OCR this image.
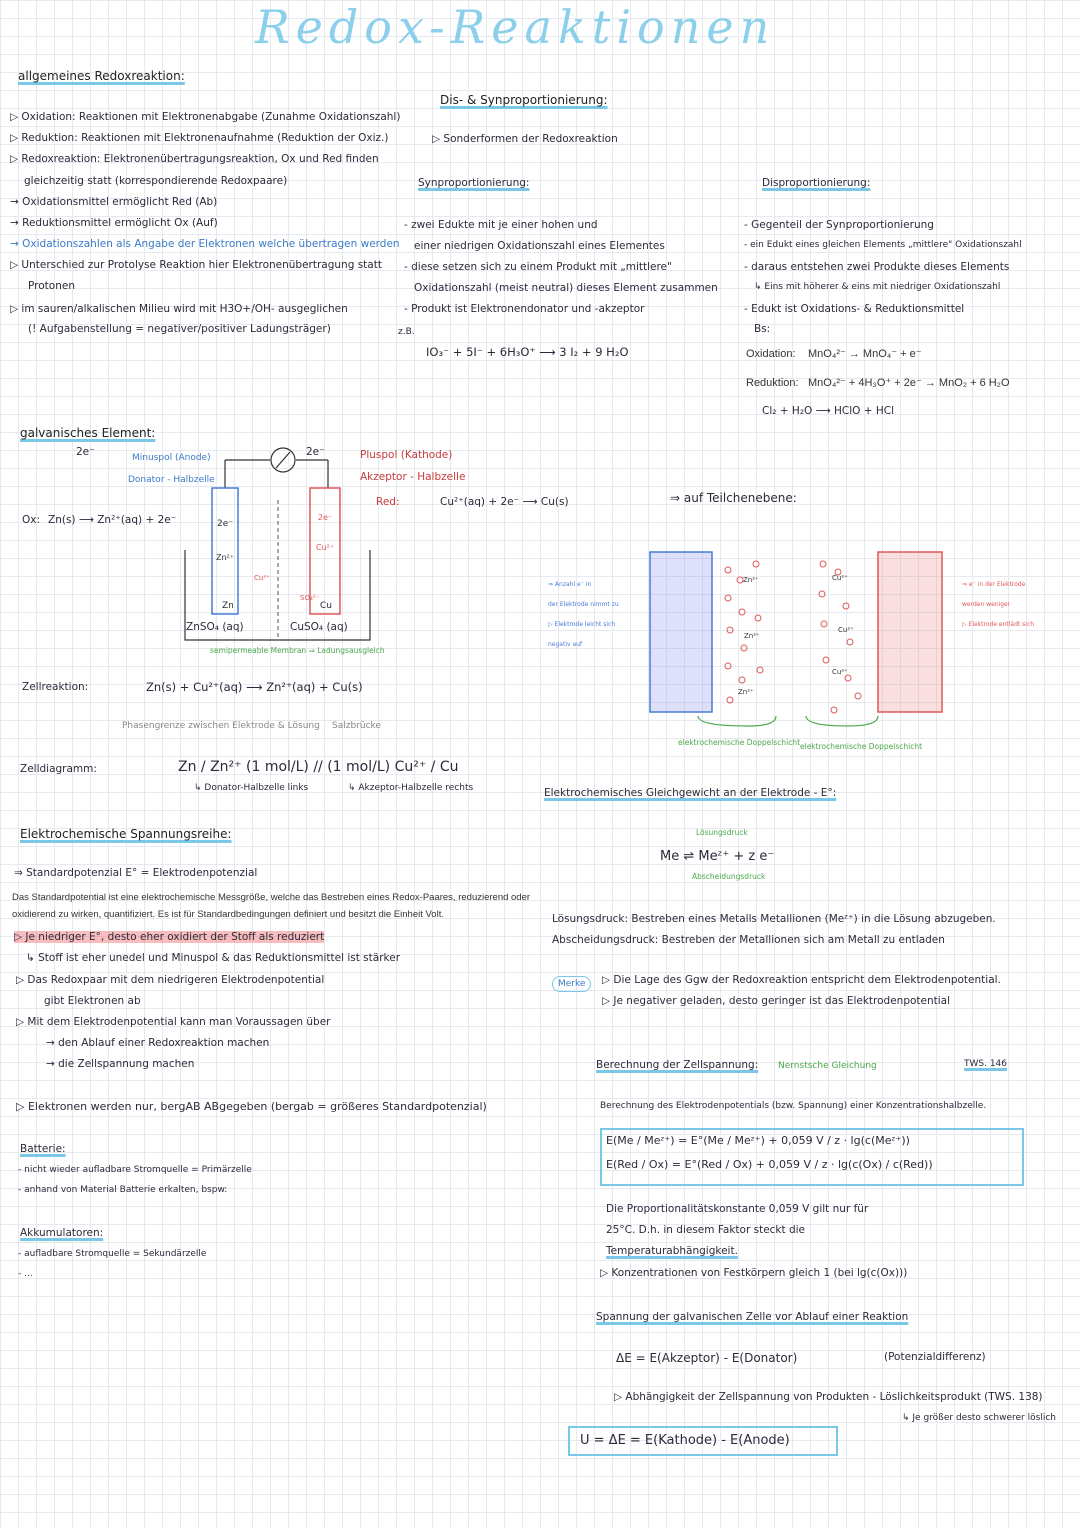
Redox-Reaktionen
allgemeines Redoxreaktion:
▷ Oxidation: Reaktionen mit Elektronenabgabe (Zunahme Oxidationszahl)
▷ Reduktion: Reaktionen mit Elektronenaufnahme (Reduktion der Oxiz.)
▷ Redoxreaktion: Elektronenübertragungsreaktion, Ox und Red finden
gleichzeitig statt (korrespondierende Redoxpaare)
→ Oxidationsmittel ermöglicht Red (Ab)
→ Reduktionsmittel ermöglicht Ox (Auf)
→ Oxidationszahlen als Angabe der Elektronen welche übertragen werden
▷ Unterschied zur Protolyse Reaktion hier Elektronenübertragung statt
Protonen
▷ im sauren/alkalischen Milieu wird mit H3O+/OH- ausgeglichen
(! Aufgabenstellung = negativer/positiver Ladungsträger)
Dis- & Synproportionierung:
▷ Sonderformen der Redoxreaktion
Synproportionierung:
- zwei Edukte mit je einer hohen und
einer niedrigen Oxidationszahl eines Elementes
- diese setzen sich zu einem Produkt mit „mittlere"
Oxidationszahl (meist neutral) dieses Element zusammen
- Produkt ist Elektronendonator und -akzeptor
z.B.
IO₃⁻ + 5I⁻ + 6H₃O⁺ ⟶ 3 I₂ + 9 H₂O
Disproportionierung:
- Gegenteil der Synproportionierung
- ein Edukt eines gleichen Elements „mittlere" Oxidationszahl
- daraus entstehen zwei Produkte dieses Elements
↳ Eins mit höherer & eins mit niedriger Oxidationszahl
- Edukt ist Oxidations- & Reduktionsmittel
Bs:
Oxidation: MnO₄²⁻ → MnO₄⁻ + e⁻
Reduktion: MnO₄²⁻ + 4H₃O⁺ + 2e⁻ → MnO₂ + 6 H₂O
Cl₂ + H₂O ⟶ HClO + HCl
galvanisches Element:
Minuspol (Anode)
Donator - Halbzelle
Pluspol (Kathode)
Akzeptor - Halbzelle
Red:	Cu²⁺(aq) + 2e⁻ ⟶ Cu(s)
Ox: Zn(s) ⟶ Zn²⁺(aq) + 2e⁻
⇒ auf Teilchenebene:
2e⁻
Zn²⁺
2e⁻
Cu²⁺
SO₄²⁻
Cu²⁺
2e⁻	2e⁻
Zn	Cu
ZnSO₄ (aq)	CuSO₄ (aq)
semipermeable Membran ⇒ Ladungsausgleich
Zn²⁺
Zn²⁺
Zn²⁺
Cu²⁺
Cu²⁺
Cu²⁺
⇒ Anzahl e⁻ in
der Elektrode nimmt zu
▷ Elektrode leicht sich
negativ auf
⇒ e⁻ in der Elektrode
werden weniger
▷ Elektrode entlädt sich
elektrochemische Doppelschicht elektrochemische Doppelschicht
Zellreaktion:	Zn(s) + Cu²⁺(aq) ⟶ Zn²⁺(aq) + Cu(s)
Phasengrenze zwischen Elektrode & Lösung Salzbrücke
Zelldiagramm:	Zn / Zn²⁺ (1 mol/L) // (1 mol/L) Cu²⁺ / Cu
↳ Donator-Halbzelle links	↳ Akzeptor-Halbzelle rechts
Elektrochemische Spannungsreihe:
⇒ Standardpotenzial E° = Elektrodenpotenzial
Das Standardpotential ist eine elektrochemische Messgröße, welche das Bestreben eines Redox-Paares, reduzierend oder
oxidierend zu wirken, quantifiziert. Es ist für Standardbedingungen definiert und besitzt die Einheit Volt.
▷ Je niedriger E°, desto eher oxidiert der Stoff als reduziert
↳ Stoff ist eher unedel und Minuspol & das Reduktionsmittel ist stärker
▷ Das Redoxpaar mit dem niedrigeren Elektrodenpotential
gibt Elektronen ab
▷ Mit dem Elektrodenpotential kann man Voraussagen über
→ den Ablauf einer Redoxreaktion machen
→ die Zellspannung machen
▷ Elektronen werden nur, bergAB ABgegeben (bergab = größeres Standardpotenzial)
Batterie:
- nicht wieder aufladbare Stromquelle = Primärzelle
- anhand von Material Batterie erkalten, bspw:
Akkumulatoren:
- aufladbare Stromquelle = Sekundärzelle
- ...
Elektrochemisches Gleichgewicht an der Elektrode - E°:
Lösungsdruck
Me ⇌ Meᶻ⁺ + z e⁻
Abscheidungsdruck
Lösungsdruck: Bestreben eines Metalls Metallionen (Meᶻ⁺) in die Lösung abzugeben.
Abscheidungsdruck: Bestreben der Metallionen sich am Metall zu entladen
Merke	▷ Die Lage des Ggw der Redoxreaktion entspricht dem Elektrodenpotential.
▷ Je negativer geladen, desto geringer ist das Elektrodenpotential
Berechnung der Zellspannung: Nernstsche Gleichung	TWS. 146
Berechnung des Elektrodenpotentials (bzw. Spannung) einer Konzentrationshalbzelle.
E(Me / Meᶻ⁺) = E°(Me / Meᶻ⁺) + 0,059 V / z · lg(c(Meᶻ⁺))
E(Red / Ox) = E°(Red / Ox) + 0,059 V / z · lg(c(Ox) / c(Red))
Die Proportionalitätskonstante 0,059 V gilt nur für
25°C. D.h. in diesem Faktor steckt die
Temperaturabhängigkeit.
▷ Konzentrationen von Festkörpern gleich 1 (bei lg(c(Ox)))
Spannung der galvanischen Zelle vor Ablauf einer Reaktion
ΔE = E(Akzeptor) - E(Donator)	(Potenzialdifferenz)
▷ Abhängigkeit der Zellspannung von Produkten - Löslichkeitsprodukt (TWS. 138)
↳ Je größer desto schwerer löslich
U = ΔE = E(Kathode) - E(Anode)
